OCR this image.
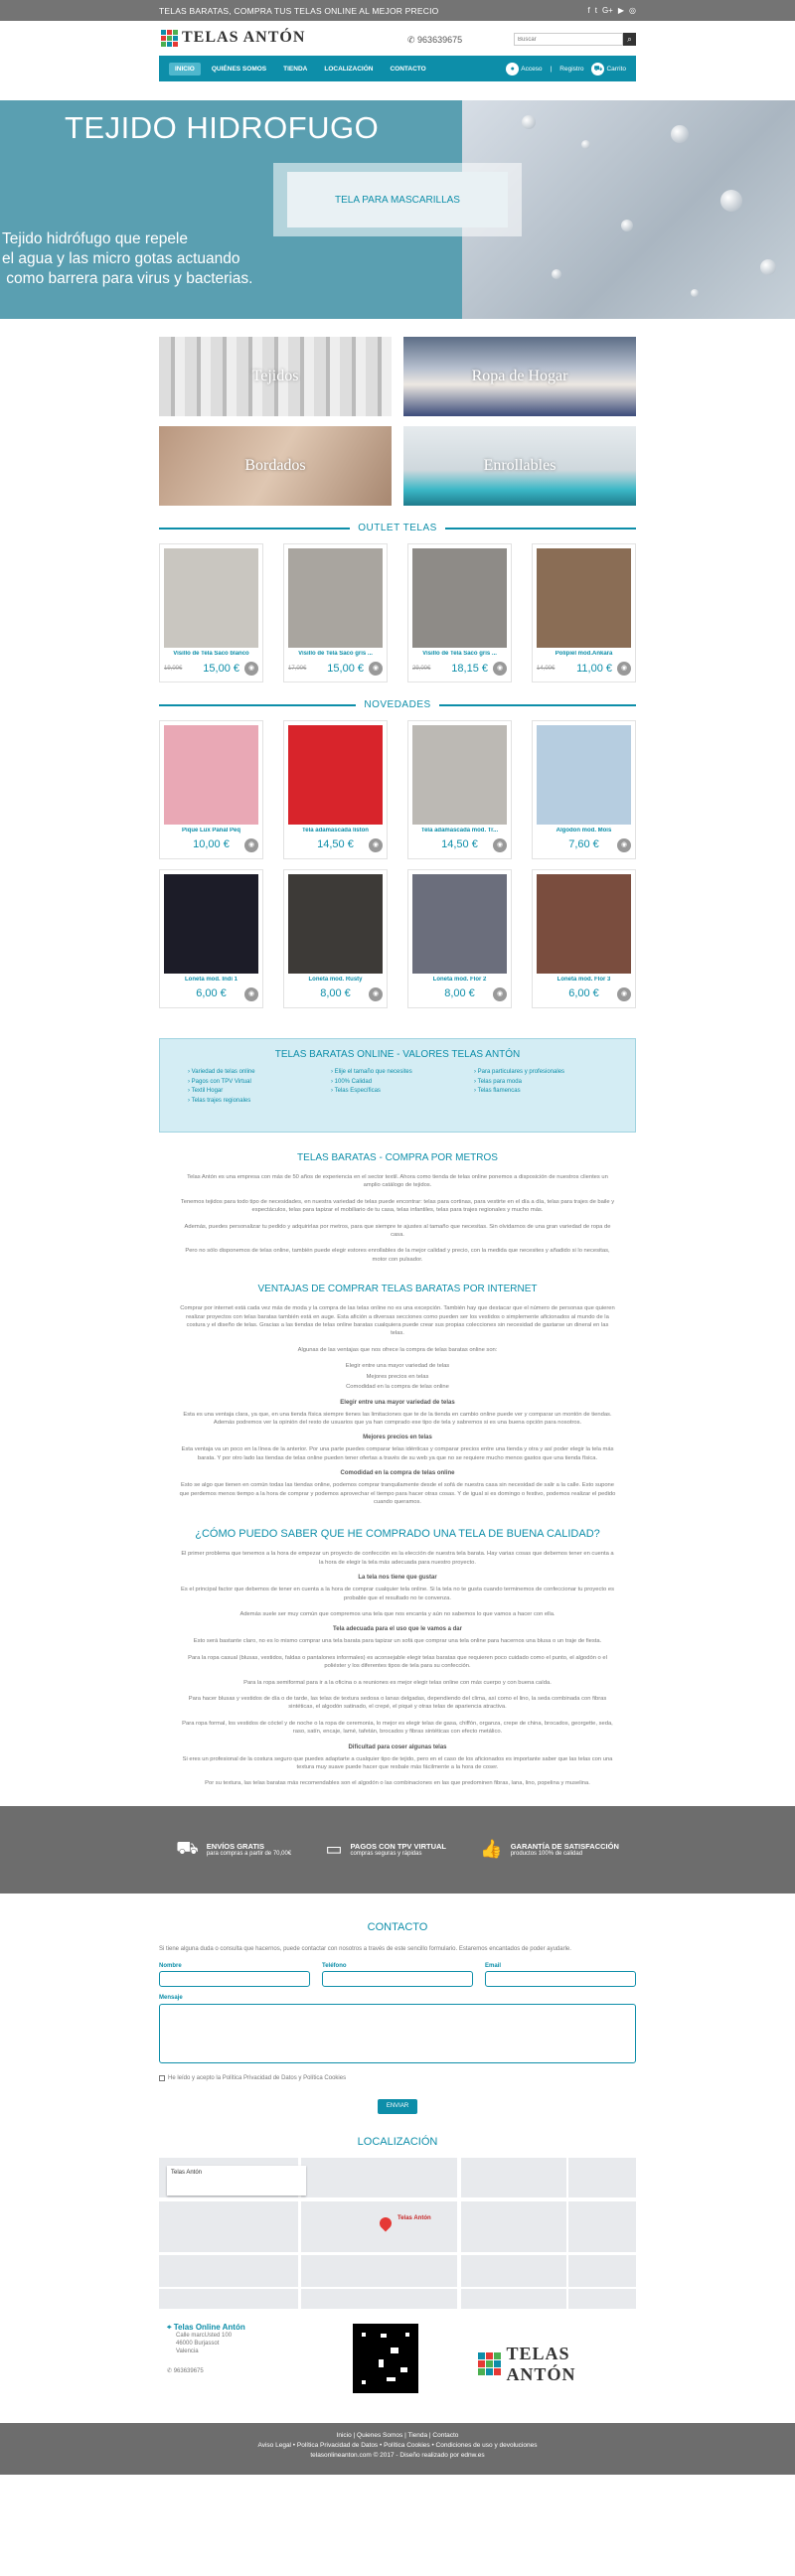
TELAS BARATAS, COMPRA TUS TELAS ONLINE AL MEJOR PRECIO	f t G+ ▶ ◎
TELAS ANTÓN	✆ 963639675
Buscar	⌕
INICIO	QUIÉNES SOMOS	TIENDA	LOCALIZACIÓN	CONTACTO	● Acceso | Registro ⛟ Carrito
TEJIDO HIDROFUGO
TELA PARA MASCARILLAS
Tejido hidrófugo que repele
el agua y las micro gotas actuando
como barrera para virus y bacterias.
Tejidos	Ropa de Hogar
Bordados	Enrollables
OUTLET TELAS
Visillo de Tela Saco blanco
19,00€ 15,00 €	◉
Visillo de Tela Saco gris ...
17,00€ 15,00 €	◉
Visillo de Tela Saco gris ...
29,00€ 18,15 €	◉
Polipiel mod.Ankara
14,00€ 11,00 €	◉
NOVEDADES
Pique Lux Panal Peq
10,00 €	◉
Tela adamascada liston
14,50 €	◉
Tela adamascada mod. Tr...
14,50 €	◉
Algodon mod. Mois
7,60 €	◉
Loneta mod. Indi 1
6,00 €	◉
Loneta mod. Rusty
8,00 €	◉
Loneta mod. Flor 2
8,00 €	◉
Loneta mod. Flor 3
6,00 €	◉
TELAS BARATAS ONLINE - VALORES TELAS ANTÓN
› Variedad de telas online
› Pagos con TPV Virtual
› Textil Hogar
› Telas trajes regionales
› Elije el tamaño que necesites
› 100% Calidad
› Telas Específicas
› Para particulares y profesionales
› Telas para moda
› Telas flamencas
TELAS BARATAS - COMPRA POR METROS

Telas Antón es una empresa con más de 50 años de experiencia en el sector textil. Ahora como tienda de telas online ponemos a disposición de nuestros clientes un amplio catálogo de tejidos.

Tenemos tejidos para todo tipo de necesidades, en nuestra variedad de telas puede encontrar: telas para cortinas, para vestirte en el día a día, telas para trajes de baile y espectáculos, telas para tapizar el mobiliario de tu casa, telas infantiles, telas para trajes regionales y mucho más.

Además, puedes personalizar tu pedido y adquirirlas por metros, para que siempre te ajustes al tamaño que necesitas. Sin olvidarnos de una gran variedad de ropa de casa.

Pero no sólo disponemos de telas online, también puede elegir estores enrollables de la mejor calidad y precio, con la medida que necesites y añadido si lo necesitas, motor con pulsador.

VENTAJAS DE COMPRAR TELAS BARATAS POR INTERNET

Comprar por internet está cada vez más de moda y la compra de las telas online no es una excepción. También hay que destacar que el número de personas que quieren realizar proyectos con telas baratas también está en auge. Esta afición a diversas secciones como pueden ser los vestidos o simplemente aficionados al mundo de la costura y el diseño de telas. Gracias a las tiendas de telas online baratas cualquiera puede crear sus propias colecciones sin necesidad de gastarse un dineral en las telas.

Algunas de las ventajas que nos ofrece la compra de telas baratas online son:

Elegir entre una mayor variedad de telas

Mejores precios en telas

Comodidad en la compra de telas online

Elegir entre una mayor variedad de telas

Esta es una ventaja clara, ya que, en una tienda física siempre tienes las limitaciones que te de la tienda en cambio online puede ver y comparar un montón de tiendas. Además podremos ver la opinión del resto de usuarios que ya han comprado ese tipo de tela y sabremos si es una buena opción para nosotros.

Mejores precios en telas

Esta ventaja va un poco en la línea de la anterior. Por una parte puedes comparar telas idénticas y comparar precios entre una tienda y otra y así poder elegir la tela más barata. Y por otro lado las tiendas de telas online pueden tener ofertas a través de su web ya que no se requiere mucho menos gastos que una tienda física.

Comodidad en la compra de telas online

Esto se algo que tienen en común todas las tiendas online, podemos comprar tranquilamente desde el sofá de nuestra casa sin necesidad de salir a la calle. Esto supone que perdemos menos tiempo a la hora de comprar y podemos aprovechar el tiempo para hacer otras cosas. Y de igual si es domingo o festivo, podemos realizar el pedido cuando queramos.

¿CÓMO PUEDO SABER QUE HE COMPRADO UNA TELA DE BUENA CALIDAD?

El primer problema que tenemos a la hora de empezar un proyecto de confección es la elección de nuestra tela barata. Hay varias cosas que debemos tener en cuenta a la hora de elegir la tela más adecuada para nuestro proyecto.

La tela nos tiene que gustar

Es el principal factor que debemos de tener en cuenta a la hora de comprar cualquier tela online. Si la tela no te gusta cuando terminemos de confeccionar tu proyecto es probable que el resultado no te convenza.

Además suele ser muy común que compremos una tela que nos encanta y aún no sabemos lo que vamos a hacer con ella.

Tela adecuada para el uso que le vamos a dar

Esto será bastante claro, no es lo mismo comprar una tela barata para tapizar un sofá que comprar una tela online para hacernos una blusa o un traje de fiesta.

Para la ropa casual (blusas, vestidos, faldas o pantalones informales) es aconsejable elegir telas baratas que requieren poco cuidado como el punto, el algodón o el poliéster y los diferentes tipos de tela para su confección.

Para la ropa semiformal para ir a la oficina o a reuniones es mejor elegir telas online con más cuerpo y con buena caída.

Para hacer blusas y vestidos de día o de tarde, las telas de textura sedosa o lanas delgadas, dependiendo del clima, así como el lino, la seda combinada con fibras sintéticas, el algodón satinado, el crepé, el piqué y otras telas de apariencia atractiva.

Para ropa formal, los vestidos de cóctel y de noche o la ropa de ceremonia, lo mejor es elegir telas de gasa, chiffón, organza, crepe de china, brocados, georgette, seda, raso, satín, encaje, lamé, tafetán, brocados y fibras sintéticas con efecto metálico.

Dificultad para coser algunas telas

Si eres un profesional de la costura seguro que puedes adaptarte a cualquier tipo de tejido, pero en el caso de los aficionados es importante saber que las telas con una textura muy suave puede hacer que resbale más fácilmente a la hora de coser.

Por su textura, las telas baratas más recomendables son el algodón o las combinaciones en las que predominen fibras, lana, lino, popelina y muselina.

⛟ ENVÍOS GRATIS
para compras a partir de 70,00€ ▭ PAGOS CON TPV VIRTUAL
compras seguras y rápidas	👍 GARANTÍA DE SATISFACCIÓN
productos 100% de calidad
CONTACTO

Si tiene alguna duda o consulta que hacernos, puede contactar con nosotros a través de este sencillo formulario. Estaremos encantados de poder ayudarle.

Nombre	Teléfono	Email
Mensaje
He leído y acepto la Política Privacidad de Datos y Política Cookies
ENVIAR
LOCALIZACIÓN
Telas Antón
Telas Antón
⌖ Telas Online Antón
Calle marcUsted 100
46000 Burjassot
Valencia
✆ 963639675
TELAS ANTÓN
Inicio | Quienes Somos | Tienda | Contacto
Aviso Legal • Política Privacidad de Datos • Política Cookies • Condiciones de uso y devoluciones
telasonlineanton.com © 2017 - Diseño realizado por ednw.es
